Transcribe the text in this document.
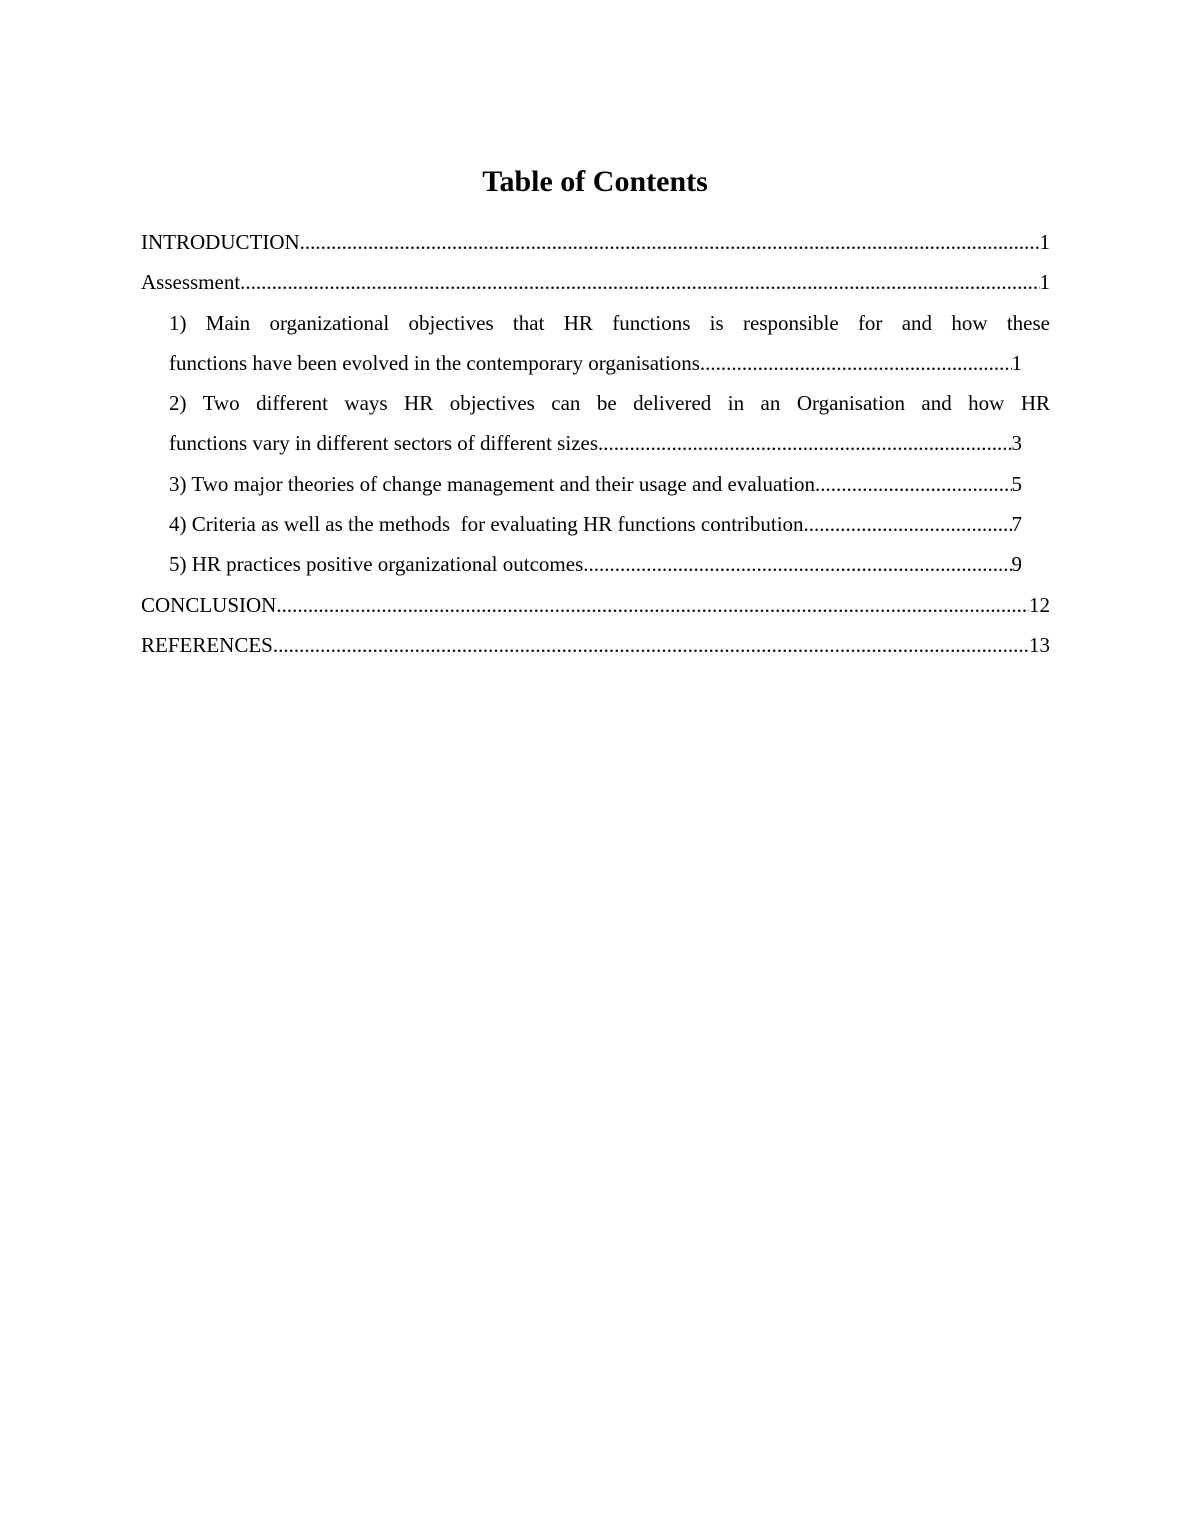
Table of Contents
INTRODUCTION .....	1
Assessment .....	1
1) Main organizational objectives that HR functions is responsible for and how these
functions have been evolved in the contemporary organisations .....	1
2) Two different ways HR objectives can be delivered in an Organisation and how HR
functions vary in different sectors of different sizes .....	3
3) Two major theories of change management and their usage and evaluation .....	5
4) Criteria as well as the methods  for evaluating HR functions contribution .....	7
5) HR practices positive organizational outcomes .....	9
CONCLUSION .....	12
REFERENCES .....	13
